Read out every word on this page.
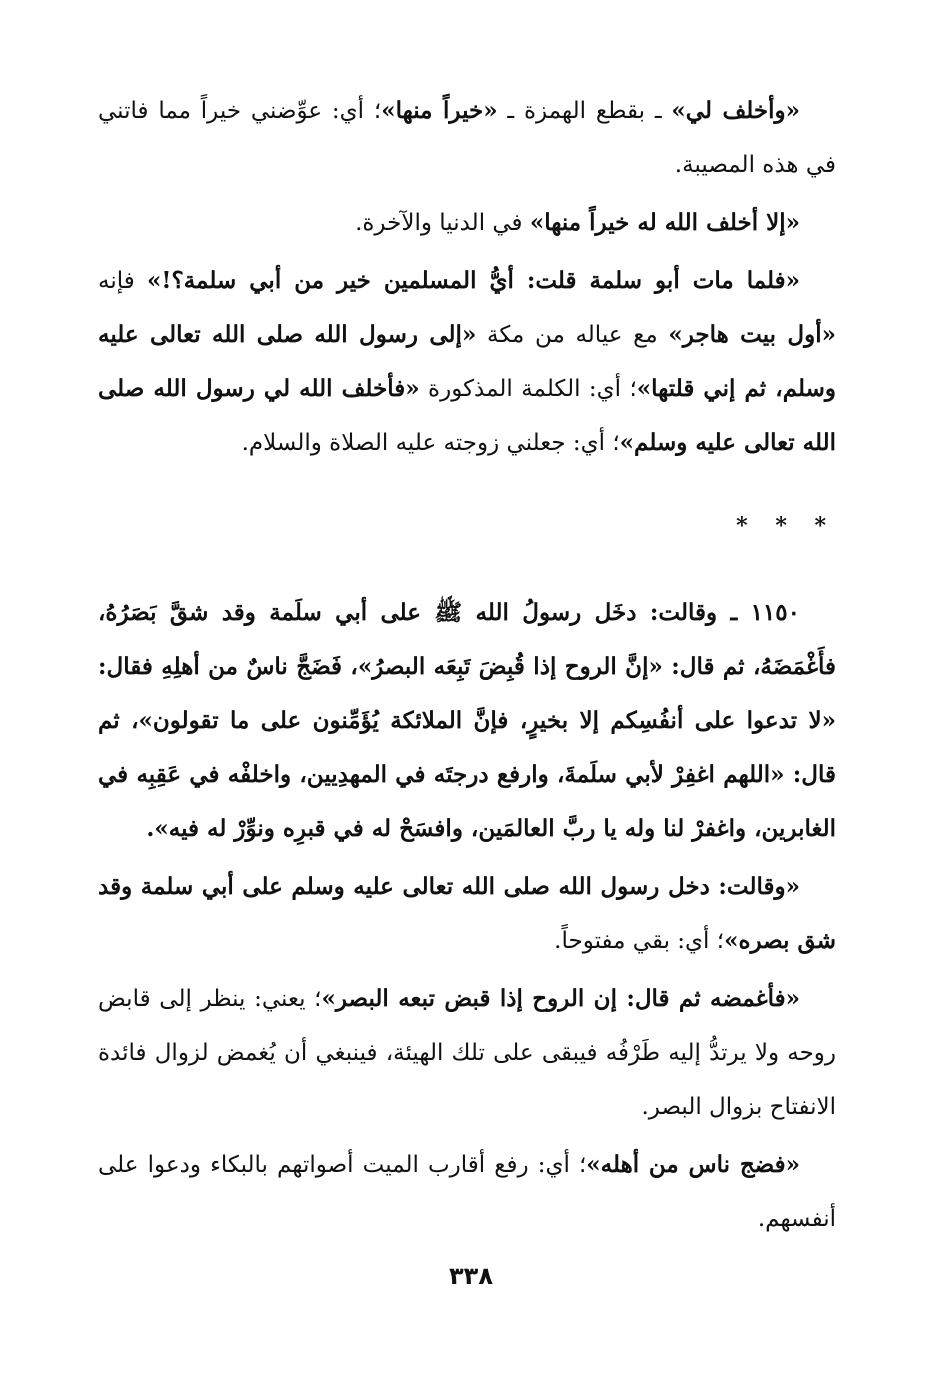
«وأخلف لي» ـ بقطع الهمزة ـ «خيراً منها»؛ أي: عوِّضني خيراً مما فاتني في هذه المصيبة.

«إلا أخلف الله له خيراً منها» في الدنيا والآخرة.

«فلما مات أبو سلمة قلت: أيُّ المسلمين خير من أبي سلمة؟!» فإنه «أول بيت هاجر» مع عياله من مكة «إلى رسول الله صلى الله تعالى عليه وسلم، ثم إني قلتها»؛ أي: الكلمة المذكورة «فأخلف الله لي رسول الله صلى الله تعالى عليه وسلم»؛ أي: جعلني زوجته عليه الصلاة والسلام.

* * *

١١٥٠ ـ وقالت: دخَل رسولُ الله ﷺ على أبي سلَمة وقد شقَّ بَصَرُهُ، فأَغْمَضَهُ، ثم قال: «إنَّ الروح إذا قُبِضَ تَبِعَه البصرُ»، فَضَجَّ ناسٌ من أهلِهِ فقال: «لا تدعوا على أنفُسِكم إلا بخيرٍ، فإنَّ الملائكة يُؤَمِّنون على ما تقولون»، ثم قال: «اللهم اغفِرْ لأبي سلَمةَ، وارفع درجتَه في المهدِيين، واخلفْه في عَقِبِه في الغابرين، واغفرْ لنا وله يا ربَّ العالمَين، وافسَحْ له في قبرِه ونوِّرْ له فيه».

«وقالت: دخل رسول الله صلى الله تعالى عليه وسلم على أبي سلمة وقد شق بصره»؛ أي: بقي مفتوحاً.

«فأغمضه ثم قال: إن الروح إذا قبض تبعه البصر»؛ يعني: ينظر إلى قابض روحه ولا يرتدُّ إليه طَرْفُه فيبقى على تلك الهيئة، فينبغي أن يُغمض لزوال فائدة الانفتاح بزوال البصر.

«فضج ناس من أهله»؛ أي: رفع أقارب الميت أصواتهم بالبكاء ودعوا على أنفسهم.

٣٣٨
